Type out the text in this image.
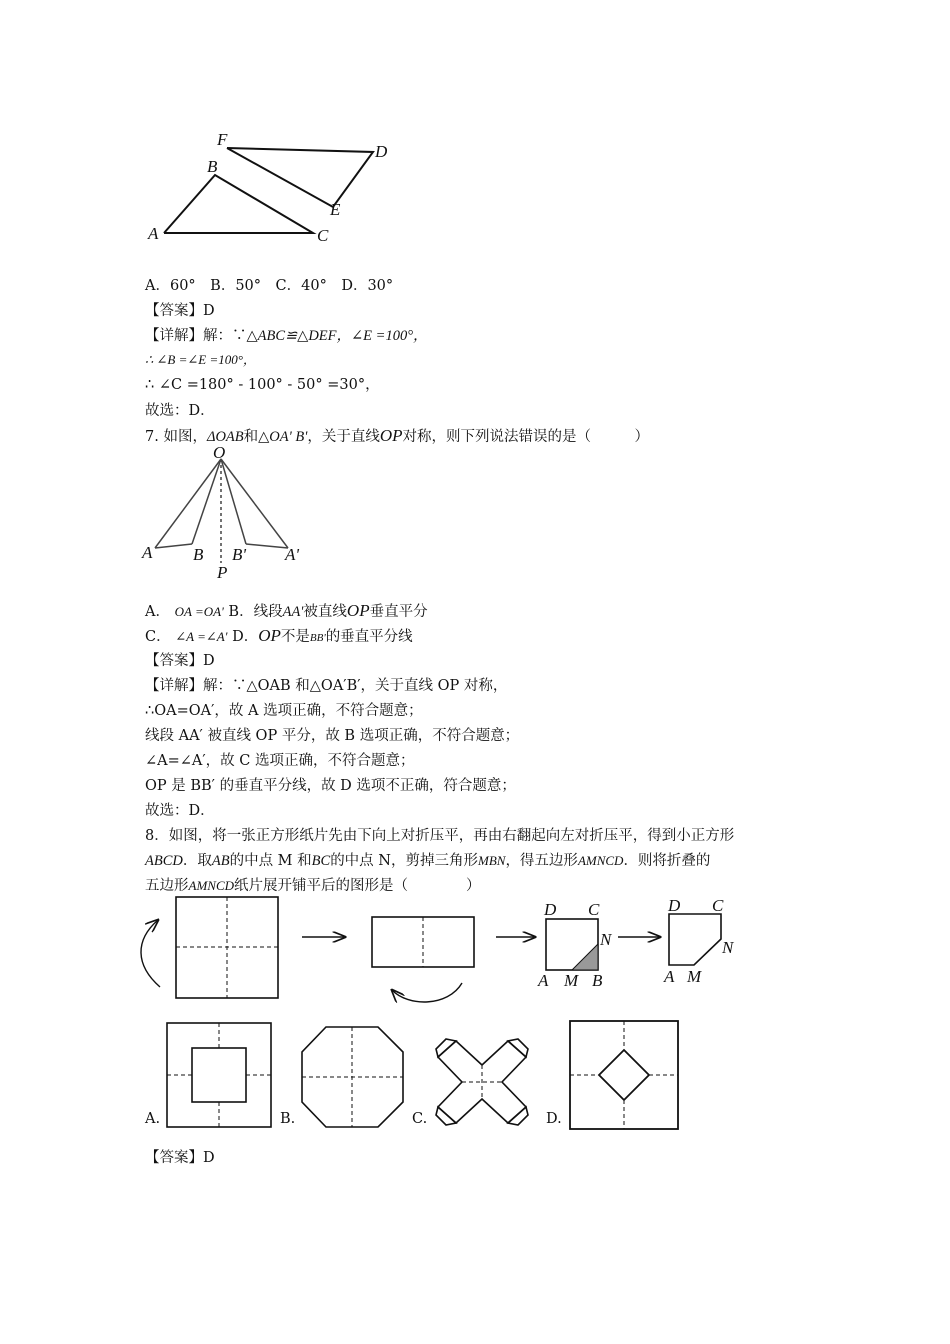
F
D
B
E
A	C
A．60°　B．50°　C．40°　D．30°
【答案】D
【详解】解：∵△ABC≌△DEF，∠E =100°，
∴ ∠B =∠E =100°，
∴ ∠C =180° - 100° - 50° =30°，
故选：D．
7. 如图，ΔOAB和△OA' B'，关于直线OP对称，则下列说法错误的是（　　　）
O
A B B' A'
P
A． OA =OA' B．线段AA'被直线OP垂直平分
C． ∠A =∠A' D．OP不是BB'的垂直平分线
【答案】D
【详解】解：∵△OAB 和△OA′B′，关于直线 OP 对称，
∴OA=OA′，故 A 选项正确，不符合题意；
线段 AA′ 被直线 OP 平分，故 B 选项正确，不符合题意；
∠A=∠A′，故 C 选项正确，不符合题意；
OP 是 BB′ 的垂直平分线，故 D 选项不正确，符合题意；
故选：D．
8．如图，将一张正方形纸片先由下向上对折压平，再由右翻起向左对折压平，得到小正方形
ABCD．取AB的中点 M 和BC的中点 N，剪掉三角形MBN，得五边形AMNCD．则将折叠的
五边形AMNCD纸片展开铺平后的图形是（　　　　）
D C
N
A M B
D C
N
A M
A.	B.	C.	D.
【答案】D
